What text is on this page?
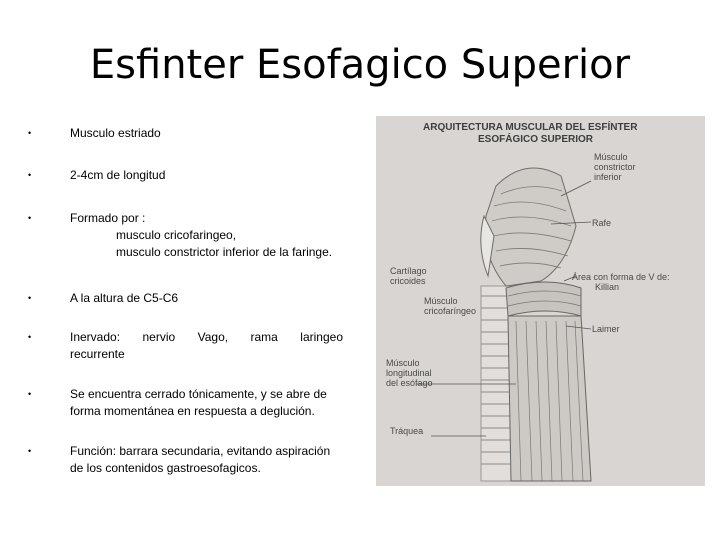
Esfinter Esofagico Superior
•	Musculo estriado
•	2-4cm de longitud
•	Formado por :
musculo cricofaringeo,
musculo constrictor inferior de la faringe.
•	A la altura de C5-C6
•	Inervado: nervio Vago, rama laringeo
recurrente
•	Se encuentra cerrado tónicamente, y se abre de
forma momentánea en respuesta a deglución.
•	Función: barrara secundaria, evitando aspiración
de los contenidos gastroesofagicos.
ARQUITECTURA MUSCULAR DEL ESFÍNTER
ESOFÁGICO SUPERIOR
Músculo
constrictor
inferior
Rafe
Cartílago
cricoides	Área con forma de V de:
Killian
Músculo
cricofaríngeo
Laimer
Músculo
longitudinal
del esófago
Tráquea
